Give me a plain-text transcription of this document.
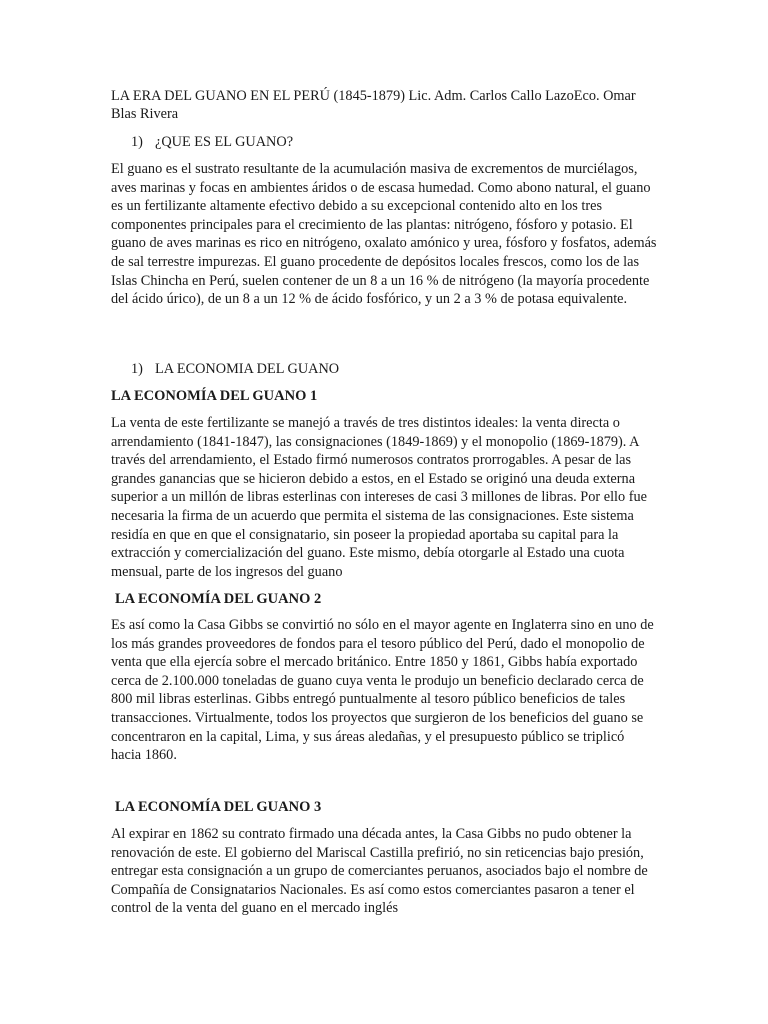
LA ERA DEL GUANO EN EL PERÚ (1845-1879) Lic. Adm. Carlos Callo LazoEco. Omar Blas Rivera

1) ¿QUE ES EL GUANO?

El guano es el sustrato resultante de la acumulación masiva de excrementos de murciélagos, aves marinas y focas en ambientes áridos o de escasa humedad. Como abono natural, el guano es un fertilizante altamente efectivo debido a su excepcional contenido alto en los tres componentes principales para el crecimiento de las plantas: nitrógeno, fósforo y potasio. El guano de aves marinas es rico en nitrógeno, oxalato amónico y urea, fósforo y fosfatos, además de sal terrestre impurezas. El guano procedente de depósitos locales frescos, como los de las Islas Chincha en Perú, suelen contener de un 8 a un 16 % de nitrógeno (la mayoría procedente del ácido úrico), de un 8 a un 12 % de ácido fosfórico, y un 2 a 3 % de potasa equivalente.

1) LA ECONOMIA DEL GUANO

LA ECONOMÍA DEL GUANO 1

La venta de este fertilizante se manejó a través de tres distintos ideales: la venta directa o arrendamiento (1841-1847), las consignaciones (1849-1869) y el monopolio (1869-1879). A través del arrendamiento, el Estado firmó numerosos contratos prorrogables. A pesar de las grandes ganancias que se hicieron debido a estos, en el Estado se originó una deuda externa superior a un millón de libras esterlinas con intereses de casi 3 millones de libras. Por ello fue necesaria la firma de un acuerdo que permita el sistema de las consignaciones. Este sistema residía en que en que el consignatario, sin poseer la propiedad aportaba su capital para la extracción y comercialización del guano. Este mismo, debía otorgarle al Estado una cuota mensual, parte de los ingresos del guano

LA ECONOMÍA DEL GUANO 2

Es así como la Casa Gibbs se convirtió no sólo en el mayor agente en Inglaterra sino en uno de los más grandes proveedores de fondos para el tesoro público del Perú, dado el monopolio de venta que ella ejercía sobre el mercado británico. Entre 1850 y 1861, Gibbs había exportado cerca de 2.100.000 toneladas de guano cuya venta le produjo un beneficio declarado cerca de 800 mil libras esterlinas. Gibbs entregó puntualmente al tesoro público beneficios de tales transacciones. Virtualmente, todos los proyectos que surgieron de los beneficios del guano se concentraron en la capital, Lima, y sus áreas aledañas, y el presupuesto público se triplicó hacia 1860.

LA ECONOMÍA DEL GUANO 3

Al expirar en 1862 su contrato firmado una década antes, la Casa Gibbs no pudo obtener la renovación de este. El gobierno del Mariscal Castilla prefirió, no sin reticencias bajo presión, entregar esta consignación a un grupo de comerciantes peruanos, asociados bajo el nombre de Compañía de Consignatarios Nacionales. Es así como estos comerciantes pasaron a tener el control de la venta del guano en el mercado inglés
